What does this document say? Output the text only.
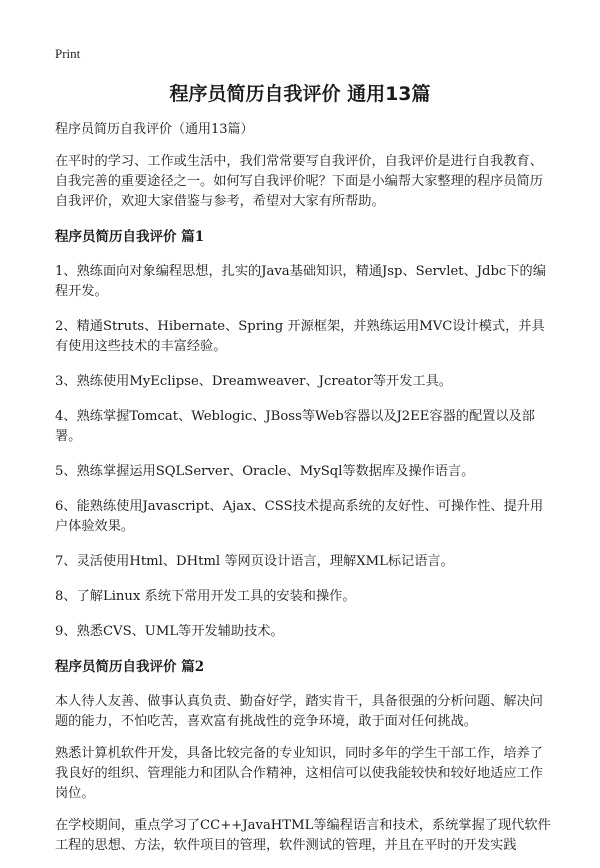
Print
程序员简历自我评价 通用13篇
程序员简历自我评价（通用13篇）

在平时的学习、工作或生活中，我们常常要写自我评价，自我评价是进行自我教育、自我完善的重要途径之一。如何写自我评价呢？下面是小编帮大家整理的程序员简历自我评价，欢迎大家借鉴与参考，希望对大家有所帮助。

程序员简历自我评价 篇1

1、熟练面向对象编程思想，扎实的Java基础知识，精通Jsp、Servlet、Jdbc下的编程开发。

2、精通Struts、Hibernate、Spring 开源框架，并熟练运用MVC设计模式，并具有使用这些技术的丰富经验。

3、熟练使用MyEclipse、Dreamweaver、Jcreator等开发工具。

4、熟练掌握Tomcat、Weblogic、JBoss等Web容器以及J2EE容器的配置以及部署。

5、熟练掌握运用SQLServer、Oracle、MySql等数据库及操作语言。

6、能熟练使用Javascript、Ajax、CSS技术提高系统的友好性、可操作性、提升用户体验效果。

7、灵活使用Html、DHtml 等网页设计语言，理解XML标记语言。

8、了解Linux 系统下常用开发工具的安装和操作。

9、熟悉CVS、UML等开发辅助技术。

程序员简历自我评价 篇2

本人待人友善、做事认真负责、勤奋好学，踏实肯干，具备很强的分析问题、解决问题的能力，不怕吃苦，喜欢富有挑战性的竞争环境，敢于面对任何挑战。

熟悉计算机软件开发，具备比较完备的专业知识，同时多年的学生干部工作，培养了我良好的组织、管理能力和团队合作精神，这相信可以使我能较快和较好地适应工作岗位。

在学校期间，重点学习了CC++JavaHTML等编程语言和技术，系统掌握了现代软件工程的思想、方法，软件项目的管理，软件测试的管理，并且在平时的开发实践
